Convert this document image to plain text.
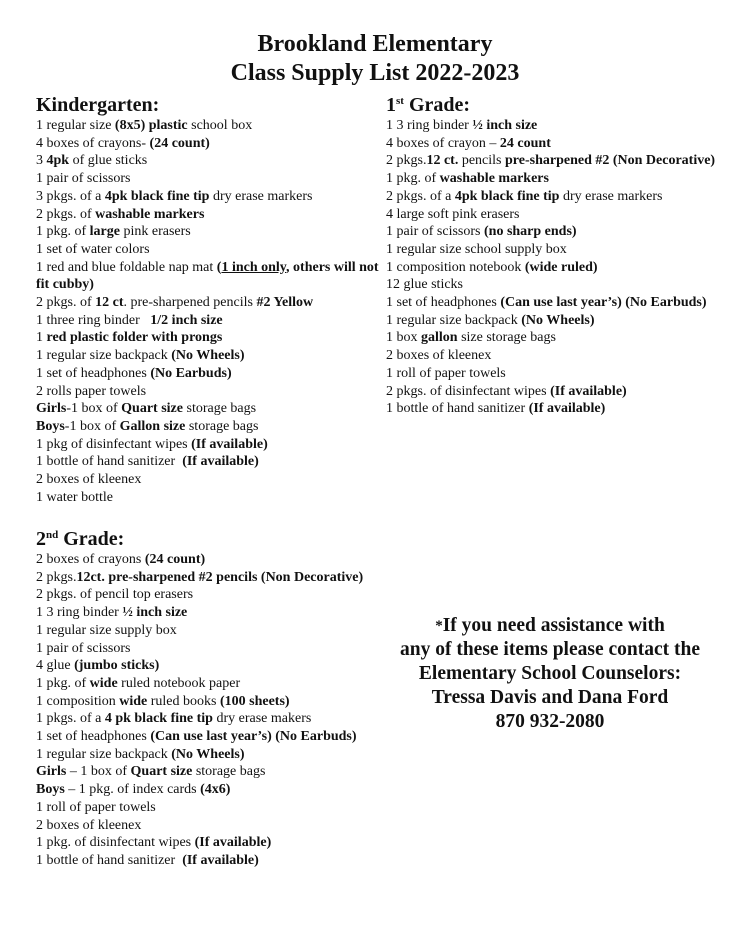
Brookland Elementary
Class Supply List 2022-2023
Kindergarten:
1 regular size (8x5) plastic school box
4 boxes of crayons- (24 count)
3 4pk of glue sticks
1 pair of scissors
3 pkgs. of a 4pk black fine tip dry erase markers
2 pkgs. of washable markers
1 pkg. of large pink erasers
1 set of water colors
1 red and blue foldable nap mat (1 inch only, others will not fit cubby)
2 pkgs. of 12 ct. pre-sharpened pencils #2 Yellow
1 three ring binder   1/2 inch size
1 red plastic folder with prongs
1 regular size backpack (No Wheels)
1 set of headphones (No Earbuds)
2 rolls paper towels
Girls-1 box of Quart size storage bags
Boys-1 box of Gallon size storage bags
1 pkg of disinfectant wipes (If available)
1 bottle of hand sanitizer  (If available)
2 boxes of kleenex
1 water bottle
1st Grade:
1 3 ring binder ½ inch size
4 boxes of crayon – 24 count
2 pkgs.12 ct. pencils pre-sharpened #2 (Non Decorative)
1 pkg. of washable markers
2 pkgs. of a 4pk black fine tip dry erase markers
4 large soft pink erasers
1 pair of scissors (no sharp ends)
1 regular size school supply box
1 composition notebook (wide ruled)
12 glue sticks
1 set of headphones (Can use last year’s) (No Earbuds)
1 regular size backpack (No Wheels)
1 box gallon size storage bags
2 boxes of kleenex
1 roll of paper towels
2 pkgs. of disinfectant wipes (If available)
1 bottle of hand sanitizer (If available)
2nd Grade:
2 boxes of crayons (24 count)
2 pkgs.12ct. pre-sharpened #2 pencils (Non Decorative)
2 pkgs. of pencil top erasers
1 3 ring binder ½ inch size
1 regular size supply box
1 pair of scissors
4 glue (jumbo sticks)
1 pkg. of wide ruled notebook paper
1 composition wide ruled books (100 sheets)
1 pkgs. of a 4 pk black fine tip dry erase makers
1 set of headphones (Can use last year’s) (No Earbuds)
1 regular size backpack (No Wheels)
Girls – 1 box of Quart size storage bags
Boys – 1 pkg. of index cards (4x6)
1 roll of paper towels
2 boxes of kleenex
1 pkg. of disinfectant wipes (If available)
1 bottle of hand sanitizer  (If available)
*If you need assistance with
any of these items please contact the
Elementary School Counselors:
Tressa Davis and Dana Ford
870 932-2080
